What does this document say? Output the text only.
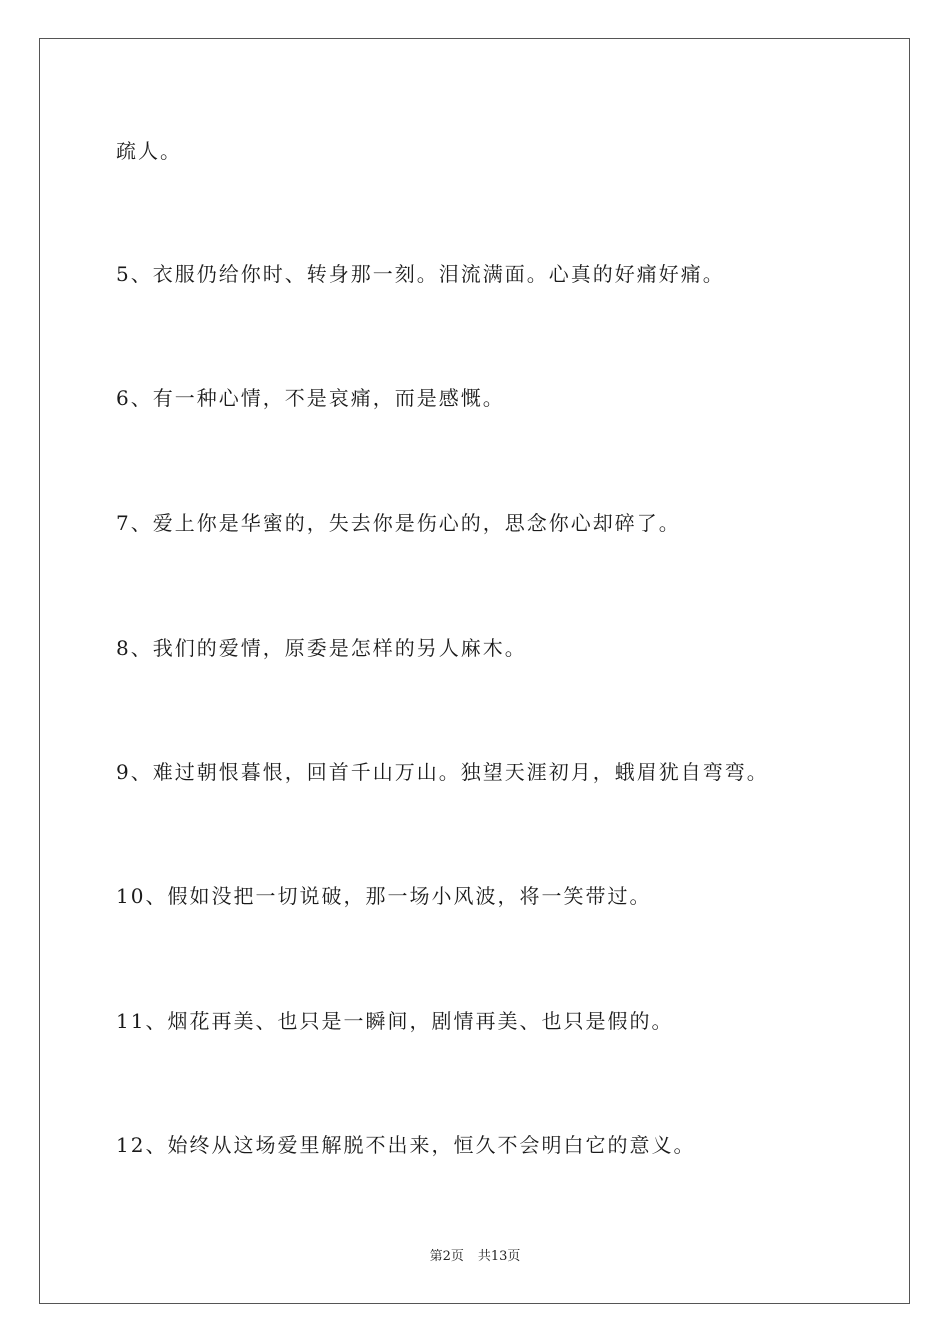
疏人。
5、衣服仍给你时、转身那一刻。泪流满面。心真的好痛好痛。
6、有一种心情，不是哀痛，而是感慨。
7、爱上你是华蜜的，失去你是伤心的，思念你心却碎了。
8、我们的爱情，原委是怎样的另人麻木。
9、难过朝恨暮恨，回首千山万山。独望天涯初月，蛾眉犹自弯弯。
10、假如没把一切说破，那一场小风波，将一笑带过。
11、烟花再美、也只是一瞬间，剧情再美、也只是假的。
12、始终从这场爱里解脱不出来，恒久不会明白它的意义。
第2页 共13页
